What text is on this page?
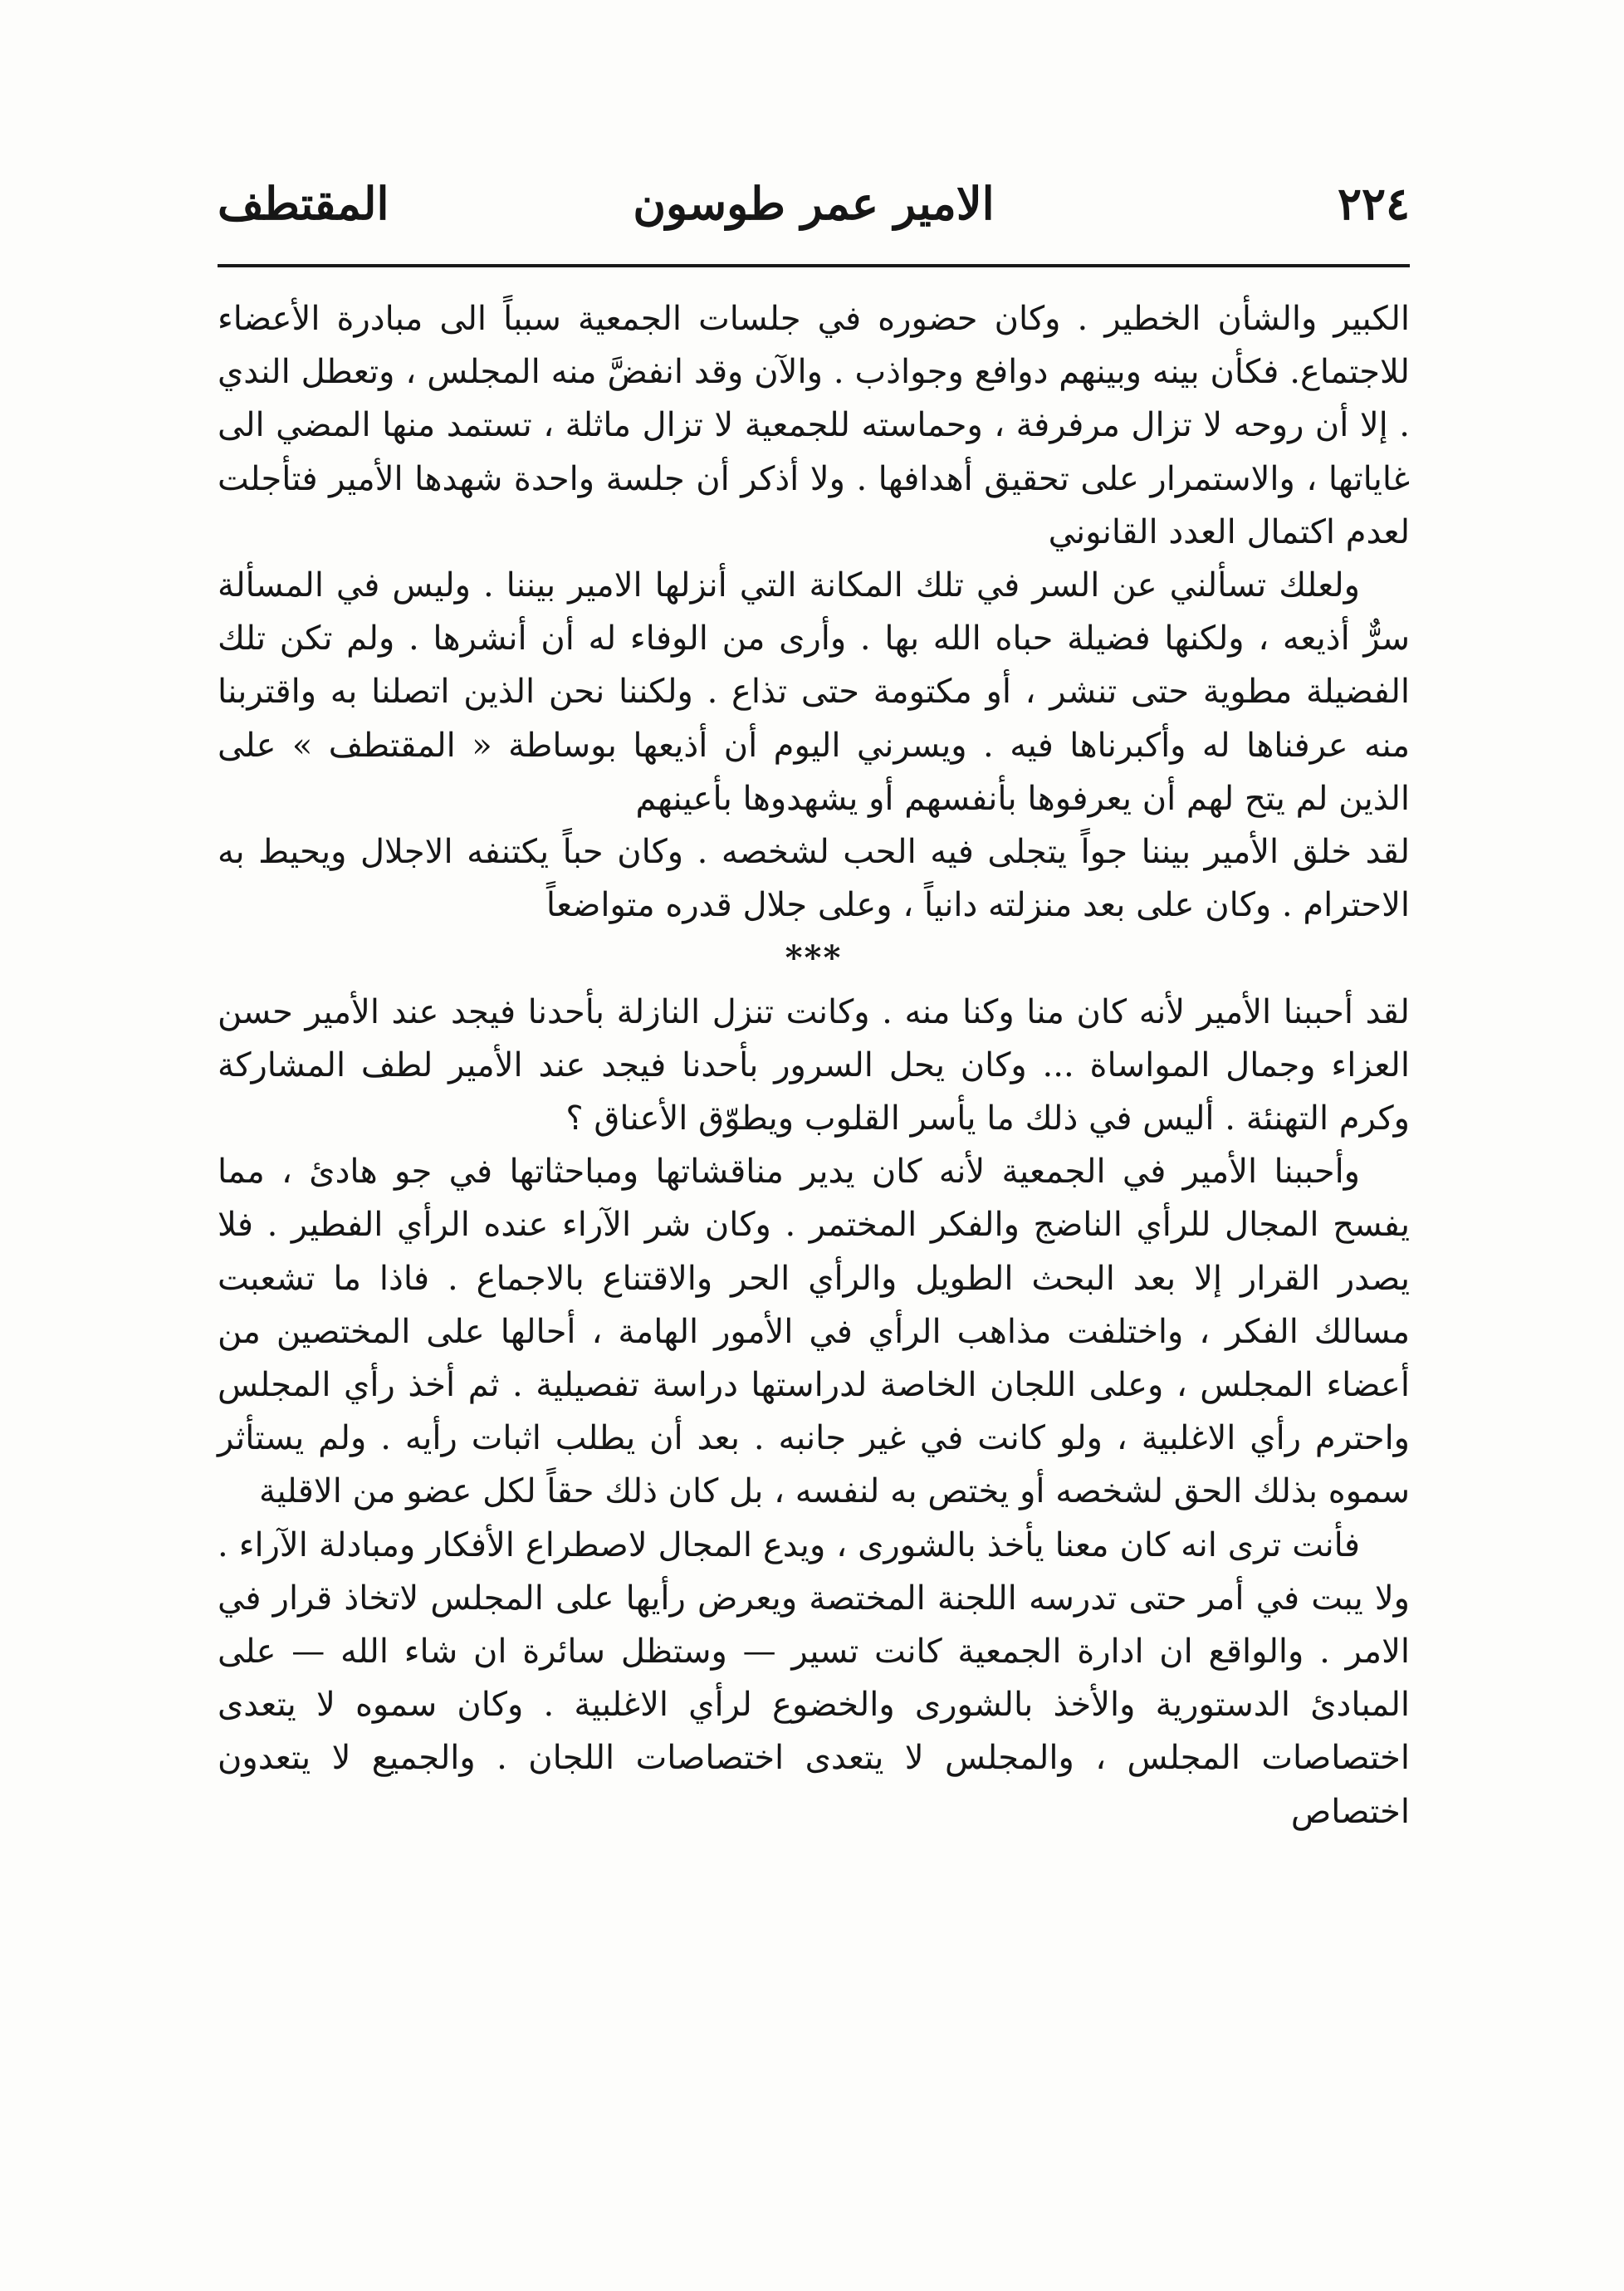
٢٢٤
الامير عمر طوسون
المقتطف

الكبير والشأن الخطير . وكان حضوره في جلسات الجمعية سبباً الى مبادرة الأعضاء للاجتماع. فكأن بينه وبينهم دوافع وجواذب . والآن وقد انفضَّ منه المجلس ، وتعطل الندي . إلا أن روحه لا تزال مرفرفة ، وحماسته للجمعية لا تزال ماثلة ، تستمد منها المضي الى غاياتها ، والاستمرار على تحقيق أهدافها . ولا أذكر أن جلسة واحدة شهدها الأمير فتأجلت لعدم اكتمال العدد القانوني

ولعلك تسألني عن السر في تلك المكانة التي أنزلها الامير بيننا . وليس في المسألة سرٌّ أذيعه ، ولكنها فضيلة حباه الله بها . وأرى من الوفاء له أن أنشرها . ولم تكن تلك الفضيلة مطوية حتى تنشر ، أو مكتومة حتى تذاع . ولكننا نحن الذين اتصلنا به واقتربنا منه عرفناها له وأكبرناها فيه . ويسرني اليوم أن أذيعها بوساطة « المقتطف » على الذين لم يتح لهم أن يعرفوها بأنفسهم أو يشهدوها بأعينهم

لقد خلق الأمير بيننا جواً يتجلى فيه الحب لشخصه . وكان حباً يكتنفه الاجلال ويحيط به الاحترام . وكان على بعد منزلته دانياً ، وعلى جلال قدره متواضعاً

***

لقد أحببنا الأمير لأنه كان منا وكنا منه . وكانت تنزل النازلة بأحدنا فيجد عند الأمير حسن العزاء وجمال المواساة ... وكان يحل السرور بأحدنا فيجد عند الأمير لطف المشاركة وكرم التهنئة . أليس في ذلك ما يأسر القلوب ويطوّق الأعناق ؟

وأحببنا الأمير في الجمعية لأنه كان يدير مناقشاتها ومباحثاتها في جو هادئ ، مما يفسح المجال للرأي الناضج والفكر المختمر . وكان شر الآراء عنده الرأي الفطير . فلا يصدر القرار إلا بعد البحث الطويل والرأي الحر والاقتناع بالاجماع . فاذا ما تشعبت مسالك الفكر ، واختلفت مذاهب الرأي في الأمور الهامة ، أحالها على المختصين من أعضاء المجلس ، وعلى اللجان الخاصة لدراستها دراسة تفصيلية . ثم أخذ رأي المجلس واحترم رأي الاغلبية ، ولو كانت في غير جانبه . بعد أن يطلب اثبات رأيه . ولم يستأثر سموه بذلك الحق لشخصه أو يختص به لنفسه ، بل كان ذلك حقاً لكل عضو من الاقلية

فأنت ترى انه كان معنا يأخذ بالشورى ، ويدع المجال لاصطراع الأفكار ومبادلة الآراء . ولا يبت في أمر حتى تدرسه اللجنة المختصة ويعرض رأيها على المجلس لاتخاذ قرار في الامر . والواقع ان ادارة الجمعية كانت تسير — وستظل سائرة ان شاء الله — على المبادئ الدستورية والأخذ بالشورى والخضوع لرأي الاغلبية . وكان سموه لا يتعدى اختصاصات المجلس ، والمجلس لا يتعدى اختصاصات اللجان . والجميع لا يتعدون اختصاص
